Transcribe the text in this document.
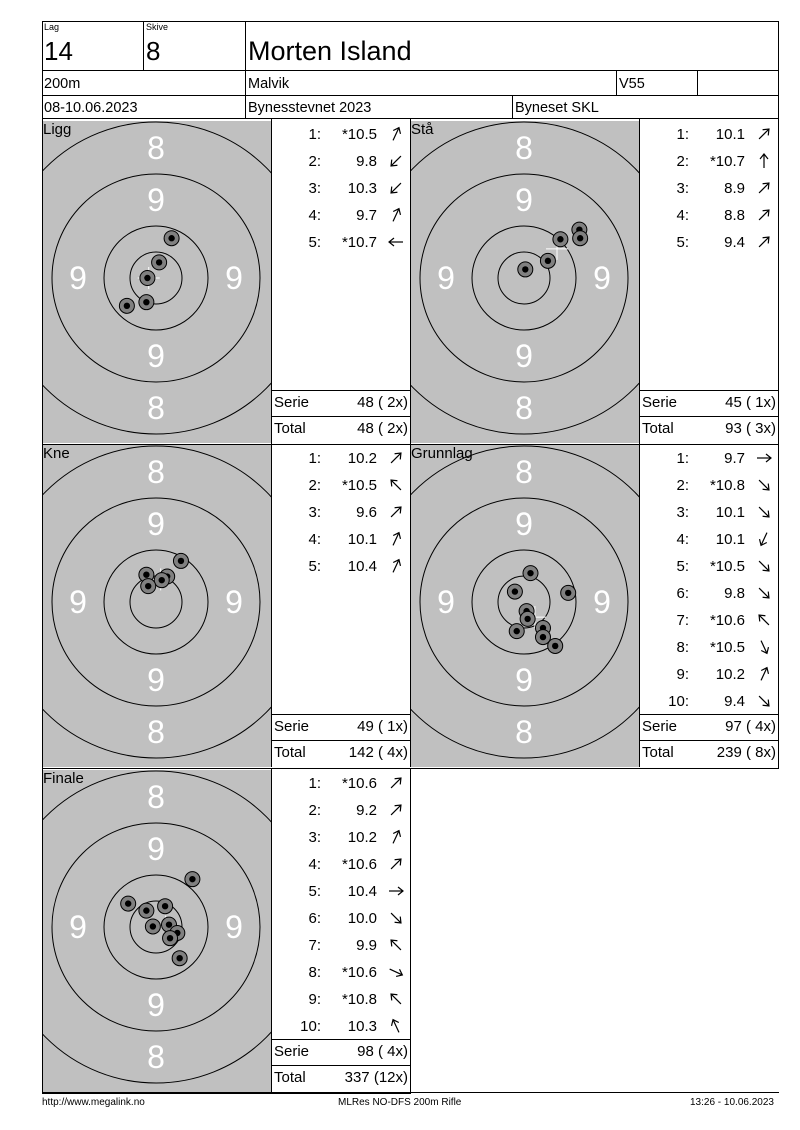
Lag
14
Skive
8	Morten Island
200m	Malvik	V55
08-10.06.2023	Bynesstevnet 2023	Byneset SKL
8
9
9	9
9
8
Ligg	1:	*10.5
2:	9.8
3:	10.3
4:	9.7
5:	*10.7
Serie	48 ( 2x)
Total	48 ( 2x)
8
9
9	9
9
8
Stå	1:	10.1
2:	*10.7
3:	8.9
4:	8.8
5:	9.4
Serie	45 ( 1x)
Total	93 ( 3x)
8
9
9	9
9
8
Kne	1:	10.2
2:	*10.5
3:	9.6
4:	10.1
5:	10.4
Serie	49 ( 1x)
Total	142 ( 4x)
8
9
9	9
9
8
Grunnlag	1:	9.7
2:	*10.8
3:	10.1
4:	10.1
5:	*10.5
6:	9.8
7:	*10.6
8:	*10.5
9:	10.2
10:	9.4
Serie	97 ( 4x)
Total	239 ( 8x)
8
9
9	9
9
8
Finale	1:	*10.6
2:	9.2
3:	10.2
4:	*10.6
5:	10.4
6:	10.0
7:	9.9
8:	*10.6
9:	*10.8
10:	10.3
Serie	98 ( 4x)
Total	337 (12x)
http://www.megalink.no	MLRes NO-DFS 200m Rifle	13:26 - 10.06.2023
